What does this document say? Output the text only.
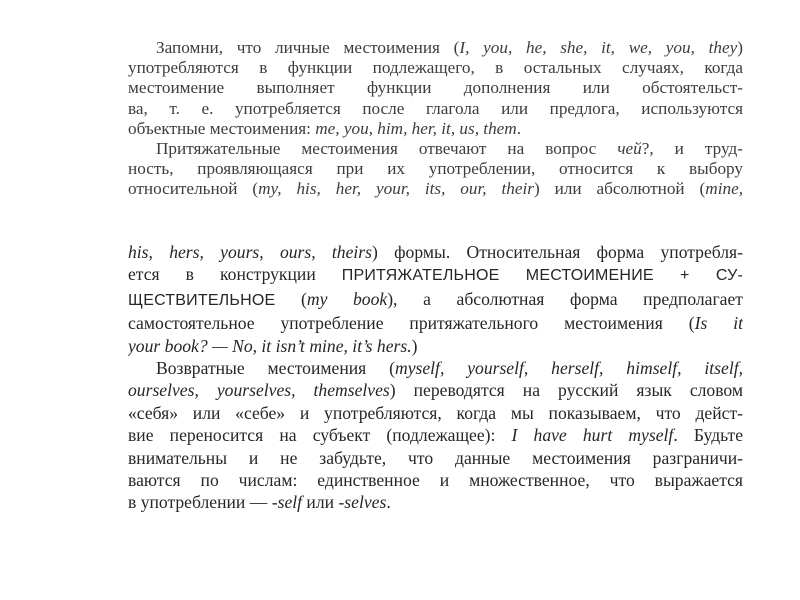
Запомни, что личные местоимения (I, you, he, she, it, we, you, they)
употребляются в функции подлежащего, в остальных случаях, когда
местоимение выполняет функции дополнения или обстоятельст-
ва, т. е. употребляется после глагола или предлога, используются
объектные местоимения: me, you, him, her, it, us, them.

Притяжательные местоимения отвечают на вопрос чей?, и труд-
ность, проявляющаяся при их употреблении, относится к выбору
относительной (my, his, her, your, its, our, their) или абсолютной (mine,

his, hers, yours, ours, theirs) формы. Относительная форма употребля-
ется в конструкции ПРИТЯЖАТЕЛЬНОЕ МЕСТОИМЕНИЕ + СУ-
ЩЕСТВИТЕЛЬНОЕ (my book), а абсолютная форма предполагает
самостоятельное употребление притяжательного местоимения (Is it
your book? — No, it isn’t mine, it’s hers.)

Возвратные местоимения (myself, yourself, herself, himself, itself,
ourselves, yourselves, themselves) переводятся на русский язык словом
«себя» или «себе» и употребляются, когда мы показываем, что дейст-
вие переносится на субъект (подлежащее): I have hurt myself. Будьте
внимательны и не забудьте, что данные местоимения разграничи-
ваются по числам: единственное и множественное, что выражается
в употреблении — -self или -selves.
